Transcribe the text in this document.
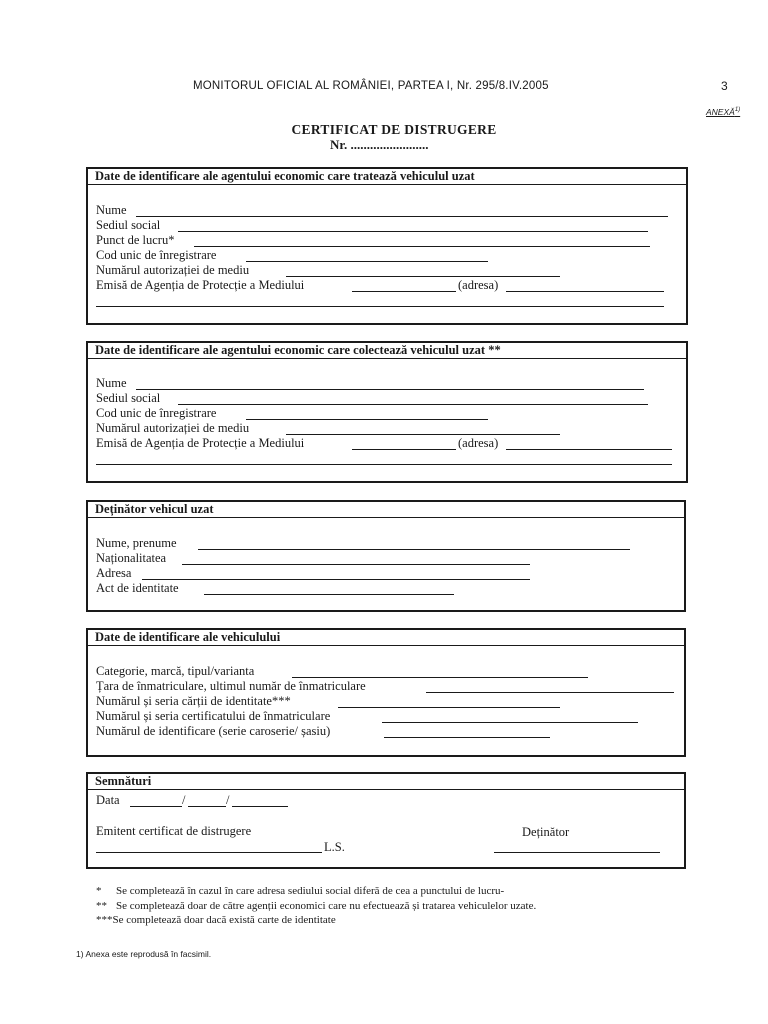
MONITORUL OFICIAL AL ROMÂNIEI, PARTEA I, Nr. 295/8.IV.2005	3
ANEXĂ$^{1)}$
CERTIFICAT DE DISTRUGERE
Nr. ........................
Date de identificare ale agentului economic care tratează vehiculul uzat
Nume
Sediul social
Punct de lucru*
Cod unic de înregistrare
Numărul autorizației de mediu
Emisă de Agenția de Protecție a Mediului	(adresa)
Date de identificare ale agentului economic care colectează vehiculul uzat **
Nume
Sediul social
Cod unic de înregistrare
Numărul autorizației de mediu
Emisă de Agenția de Protecție a Mediului	(adresa)
Deținător vehicul uzat
Nume, prenume
Naționalitatea
Adresa
Act de identitate
Date de identificare ale vehiculului
Categorie, marcă, tipul/varianta
Țara de înmatriculare, ultimul număr de înmatriculare
Numărul și seria cărții de identitate***
Numărul și seria certificatului de înmatriculare
Numărul de identificare (serie caroserie/ șasiu)
Semnături
Data	/	/
Emitent certificat de distrugere
L.S.
Deținător
* Se completează în cazul în care adresa sediului social diferă de cea a punctului de lucru-
** Se completează doar de către agenții economici care nu efectuează și tratarea vehiculelor uzate.
***Se completează doar dacă există carte de identitate
1) Anexa este reprodusă în facsimil.
